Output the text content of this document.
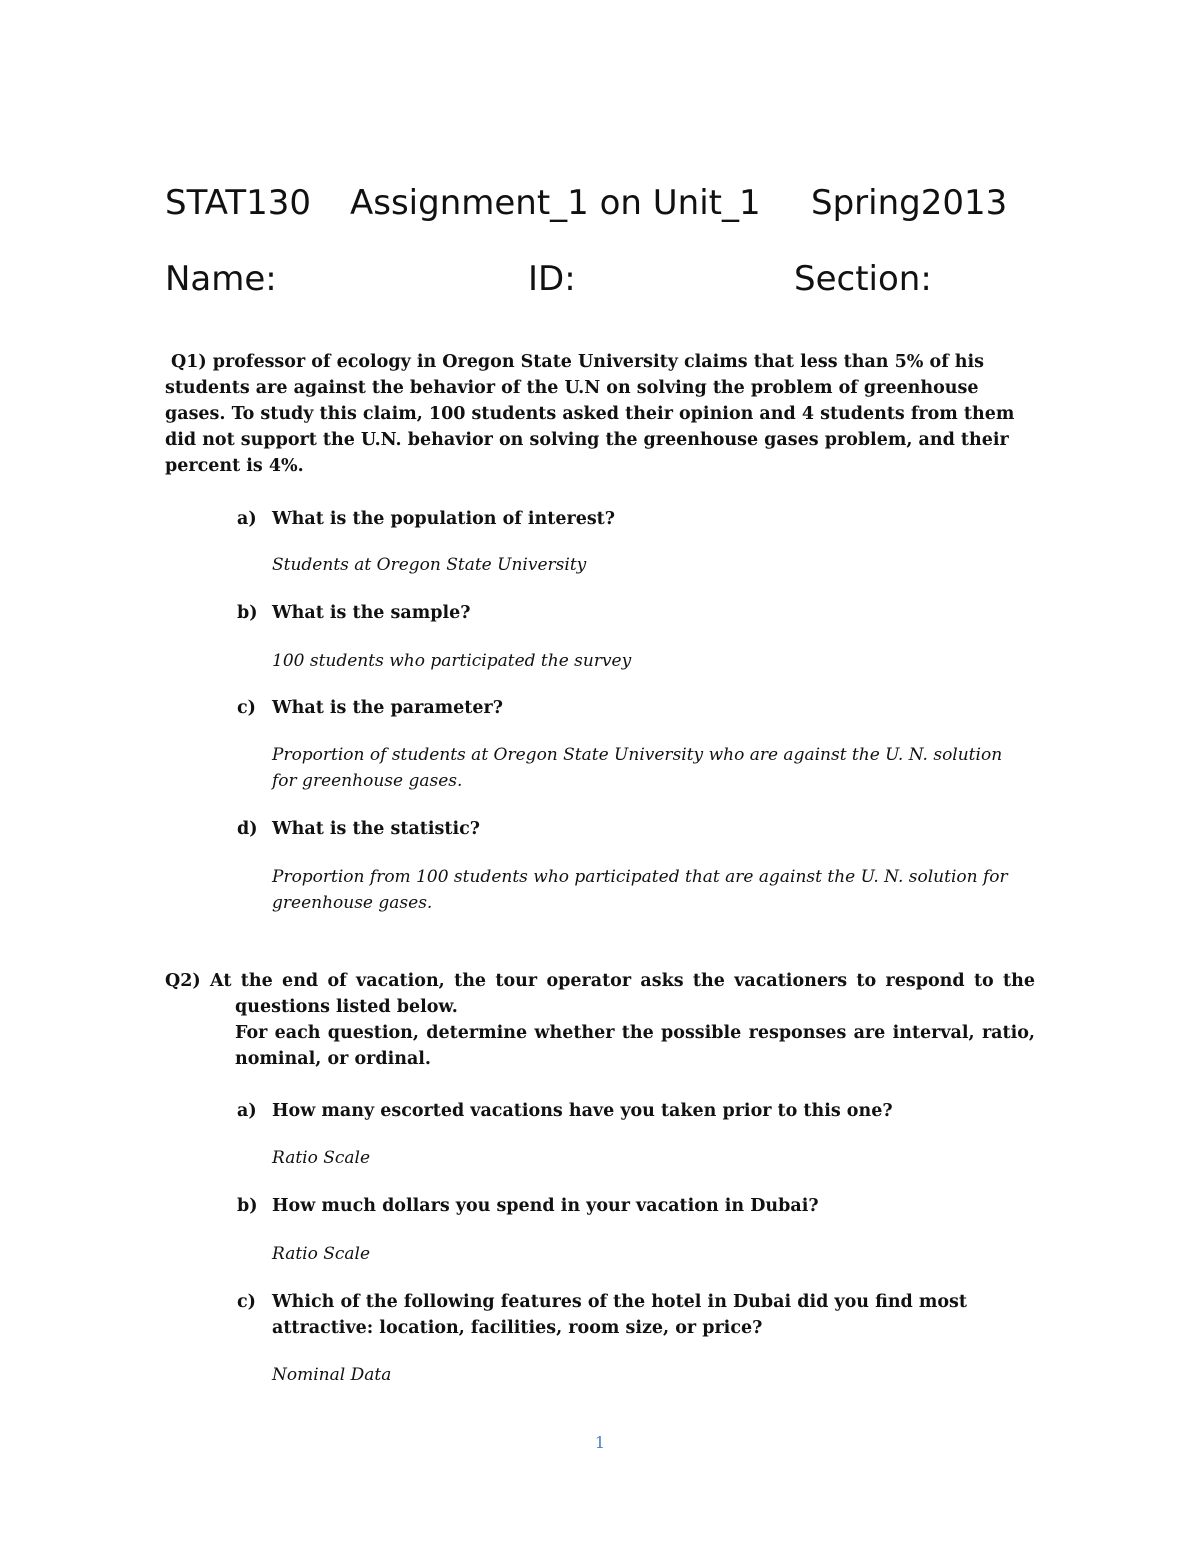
STAT130 Assignment_1 on Unit_1 Spring2013
Name:	ID:	Section:
Q1) professor of ecology in Oregon State University claims that less than 5% of his students are against the behavior of the U.N on solving the problem of greenhouse gases. To study this claim, 100 students asked their opinion and 4 students from them did not support the U.N. behavior on solving the greenhouse gases problem, and their percent is 4%.
a) What is the population of interest?
Students at Oregon State University
b) What is the sample?
100 students who participated the survey
c) What is the parameter?
Proportion of students at Oregon State University who are against the U. N. solution for greenhouse gases.
d) What is the statistic?
Proportion from 100 students who participated that are against the U. N. solution for greenhouse gases.

Q2) At the end of vacation, the tour operator asks the vacationers to respond to the questions listed below.

For each question, determine whether the possible responses are interval, ratio, nominal, or ordinal.

a) How many escorted vacations have you taken prior to this one?
Ratio Scale
b) How much dollars you spend in your vacation in Dubai?
Ratio Scale
c) Which of the following features of the hotel in Dubai did you find most attractive: location, facilities, room size, or price?
Nominal Data
1
